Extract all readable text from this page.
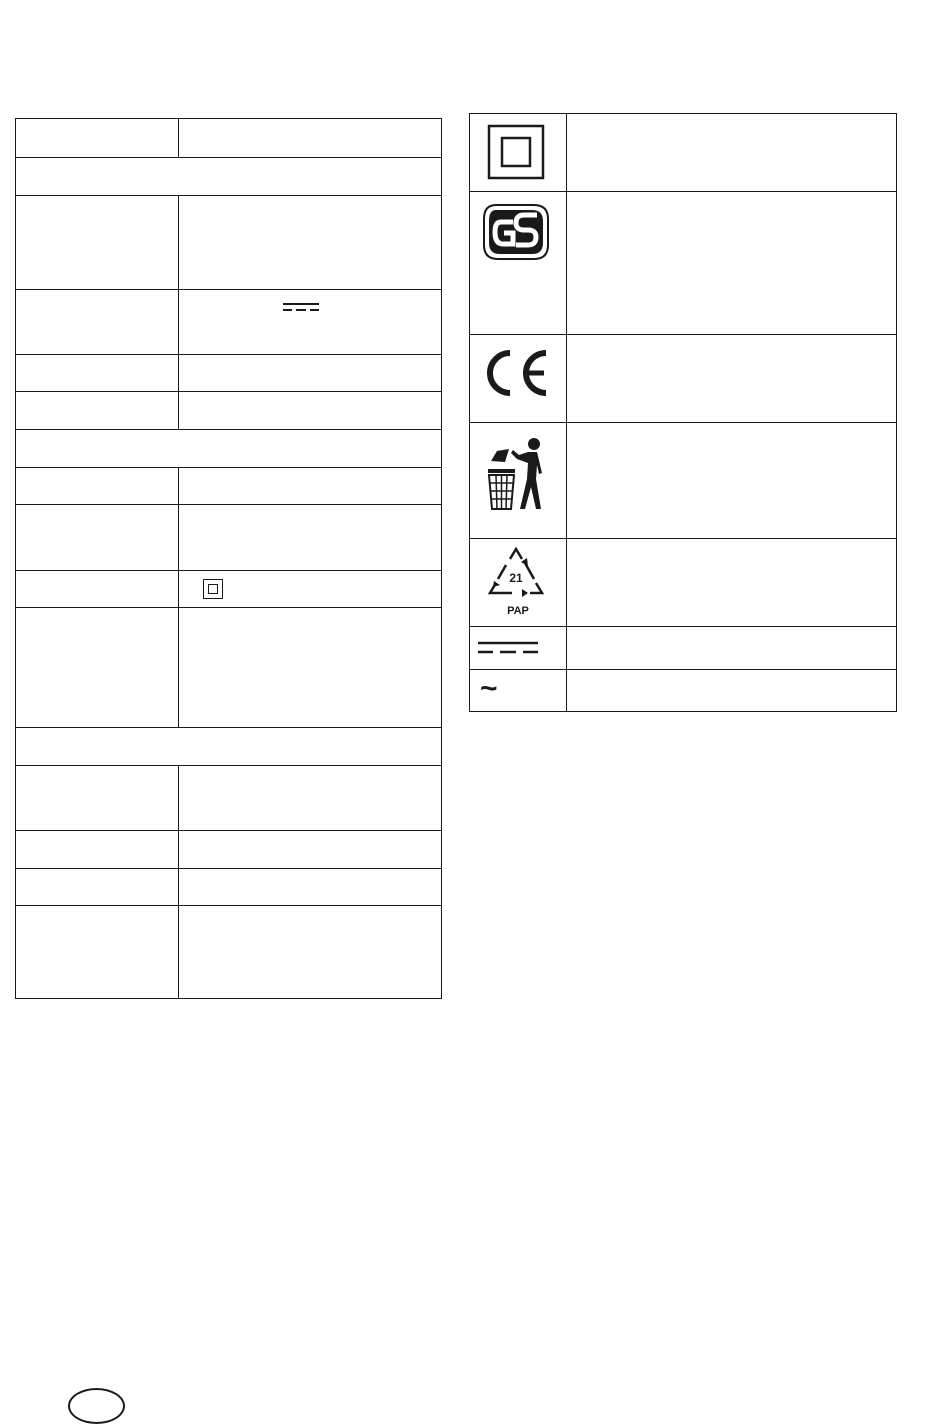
21
PAP
~
